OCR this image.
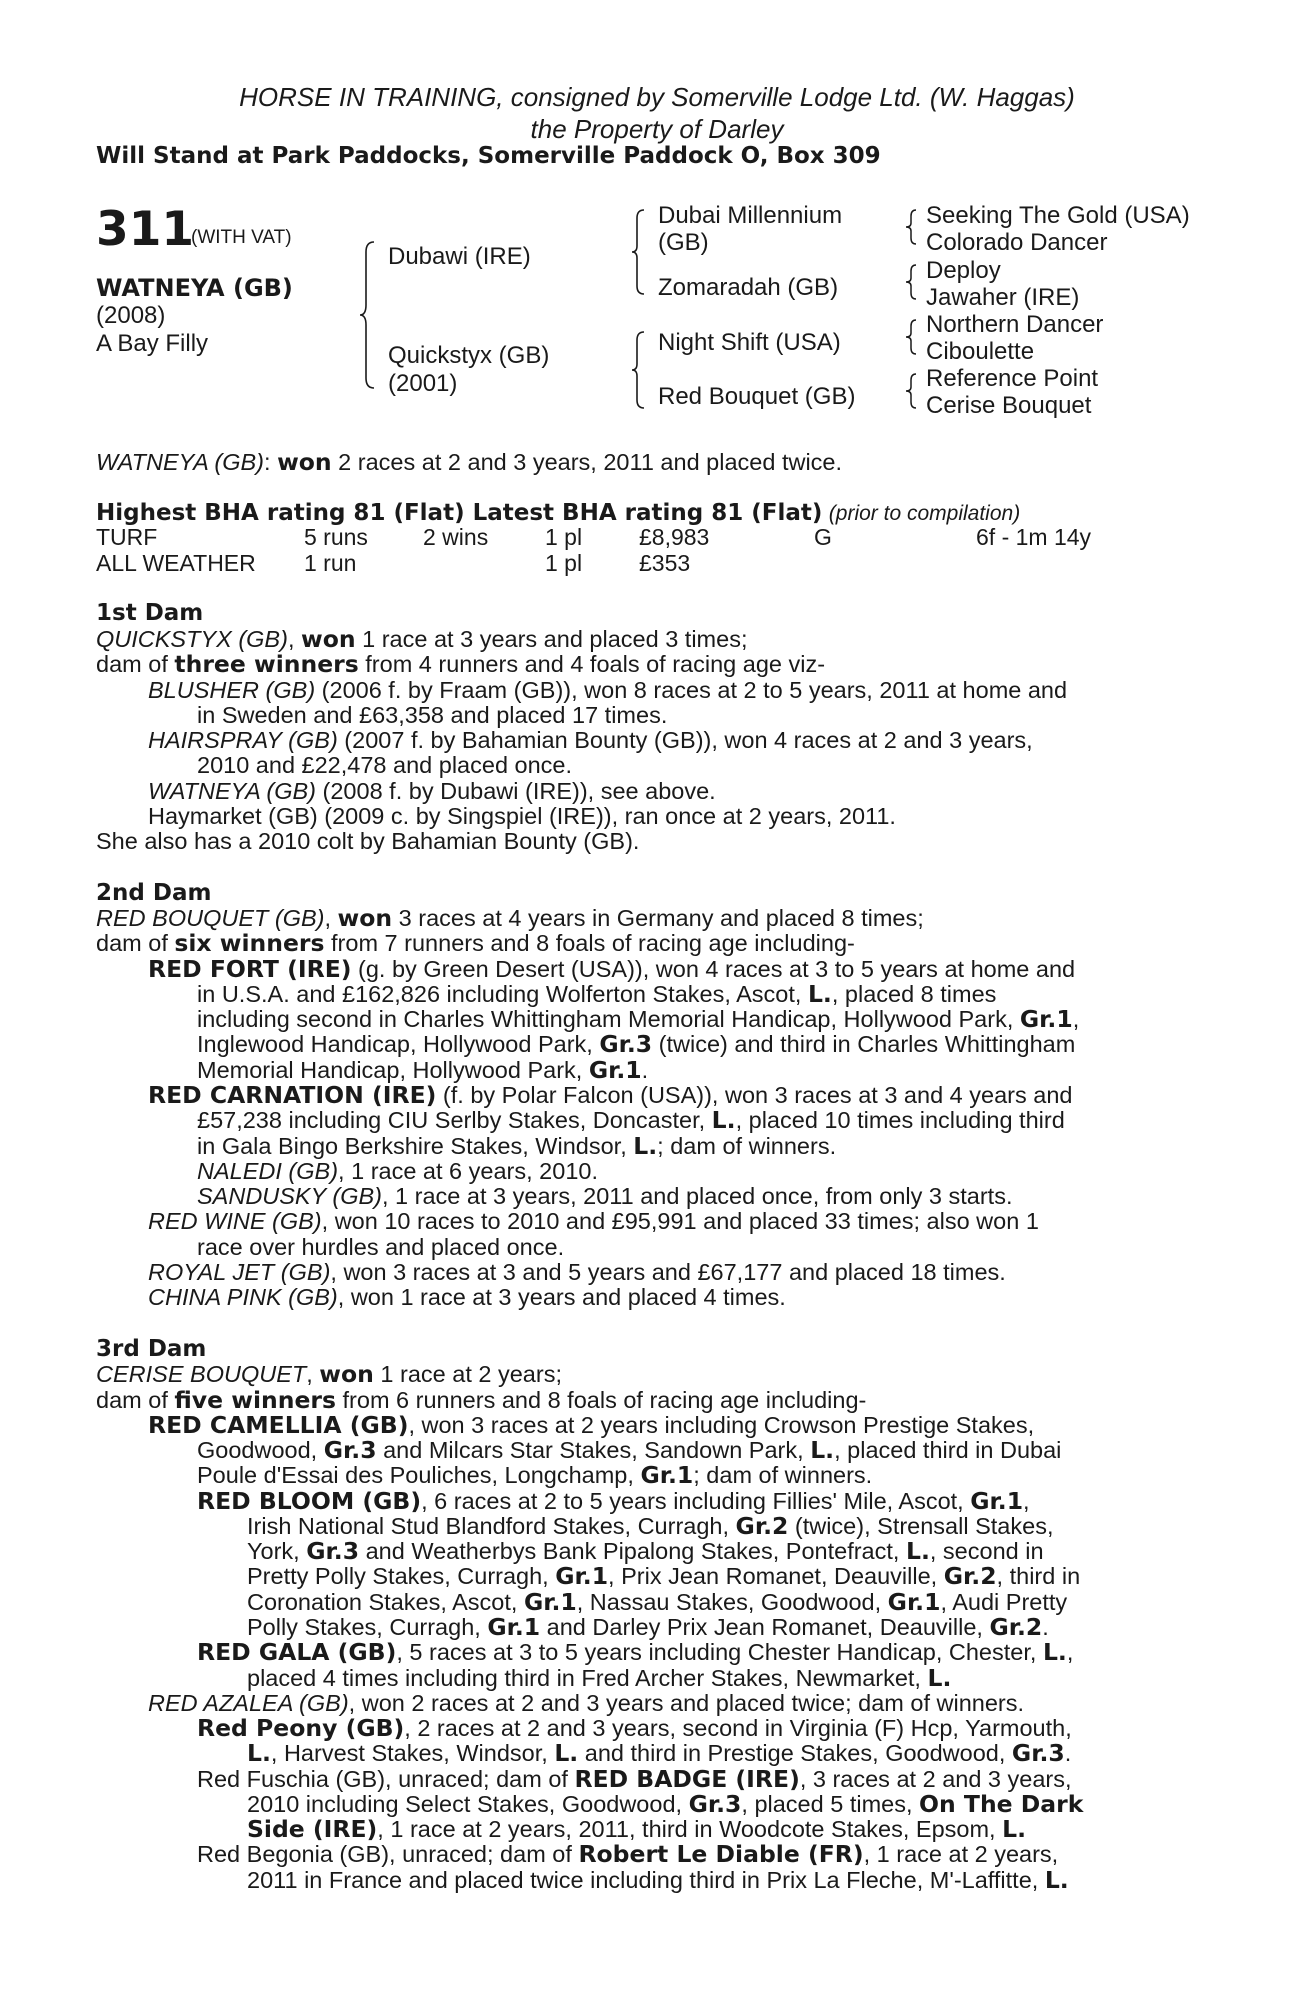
HORSE IN TRAINING, consigned by Somerville Lodge Ltd. (W. Haggas)
the Property of Darley
Will Stand at Park Paddocks, Somerville Paddock O, Box 309
311
(WITH VAT)
WATNEYA (GB)
(2008)
A Bay Filly
Dubawi (IRE)
Quickstyx (GB)
(2001)
Dubai Millennium
(GB)
Zomaradah (GB)
Night Shift (USA)
Red Bouquet (GB)
Seeking The Gold (USA)
Colorado Dancer
Deploy
Jawaher (IRE)
Northern Dancer
Ciboulette
Reference Point
Cerise Bouquet
WATNEYA (GB): won 2 races at 2 and 3 years, 2011 and placed twice.
Highest BHA rating 81 (Flat) Latest BHA rating 81 (Flat) (prior to compilation)
TURF	5 runs 2 wins 1 pl £8,983	G	6f - 1m 14y
ALL WEATHER 1 run	1 pl £353
1st Dam
QUICKSTYX (GB), won 1 race at 3 years and placed 3 times;
dam of three winners from 4 runners and 4 foals of racing age viz-
BLUSHER (GB) (2006 f. by Fraam (GB)), won 8 races at 2 to 5 years, 2011 at home and
in Sweden and £63,358 and placed 17 times.
HAIRSPRAY (GB) (2007 f. by Bahamian Bounty (GB)), won 4 races at 2 and 3 years,
2010 and £22,478 and placed once.
WATNEYA (GB) (2008 f. by Dubawi (IRE)), see above.
Haymarket (GB) (2009 c. by Singspiel (IRE)), ran once at 2 years, 2011.
She also has a 2010 colt by Bahamian Bounty (GB).
2nd Dam
RED BOUQUET (GB), won 3 races at 4 years in Germany and placed 8 times;
dam of six winners from 7 runners and 8 foals of racing age including-
RED FORT (IRE) (g. by Green Desert (USA)), won 4 races at 3 to 5 years at home and
in U.S.A. and £162,826 including Wolferton Stakes, Ascot, L., placed 8 times
including second in Charles Whittingham Memorial Handicap, Hollywood Park, Gr.1,
Inglewood Handicap, Hollywood Park, Gr.3 (twice) and third in Charles Whittingham
Memorial Handicap, Hollywood Park, Gr.1.
RED CARNATION (IRE) (f. by Polar Falcon (USA)), won 3 races at 3 and 4 years and
£57,238 including CIU Serlby Stakes, Doncaster, L., placed 10 times including third
in Gala Bingo Berkshire Stakes, Windsor, L.; dam of winners.
NALEDI (GB), 1 race at 6 years, 2010.
SANDUSKY (GB), 1 race at 3 years, 2011 and placed once, from only 3 starts.
RED WINE (GB), won 10 races to 2010 and £95,991 and placed 33 times; also won 1
race over hurdles and placed once.
ROYAL JET (GB), won 3 races at 3 and 5 years and £67,177 and placed 18 times.
CHINA PINK (GB), won 1 race at 3 years and placed 4 times.
3rd Dam
CERISE BOUQUET, won 1 race at 2 years;
dam of five winners from 6 runners and 8 foals of racing age including-
RED CAMELLIA (GB), won 3 races at 2 years including Crowson Prestige Stakes,
Goodwood, Gr.3 and Milcars Star Stakes, Sandown Park, L., placed third in Dubai
Poule d'Essai des Pouliches, Longchamp, Gr.1; dam of winners.
RED BLOOM (GB), 6 races at 2 to 5 years including Fillies' Mile, Ascot, Gr.1,
Irish National Stud Blandford Stakes, Curragh, Gr.2 (twice), Strensall Stakes,
York, Gr.3 and Weatherbys Bank Pipalong Stakes, Pontefract, L., second in
Pretty Polly Stakes, Curragh, Gr.1, Prix Jean Romanet, Deauville, Gr.2, third in
Coronation Stakes, Ascot, Gr.1, Nassau Stakes, Goodwood, Gr.1, Audi Pretty
Polly Stakes, Curragh, Gr.1 and Darley Prix Jean Romanet, Deauville, Gr.2.
RED GALA (GB), 5 races at 3 to 5 years including Chester Handicap, Chester, L.,
placed 4 times including third in Fred Archer Stakes, Newmarket, L.
RED AZALEA (GB), won 2 races at 2 and 3 years and placed twice; dam of winners.
Red Peony (GB), 2 races at 2 and 3 years, second in Virginia (F) Hcp, Yarmouth,
L., Harvest Stakes, Windsor, L. and third in Prestige Stakes, Goodwood, Gr.3.
Red Fuschia (GB), unraced; dam of RED BADGE (IRE), 3 races at 2 and 3 years,
2010 including Select Stakes, Goodwood, Gr.3, placed 5 times, On The Dark
Side (IRE), 1 race at 2 years, 2011, third in Woodcote Stakes, Epsom, L.
Red Begonia (GB), unraced; dam of Robert Le Diable (FR), 1 race at 2 years,
2011 in France and placed twice including third in Prix La Fleche, M'-Laffitte, L.
